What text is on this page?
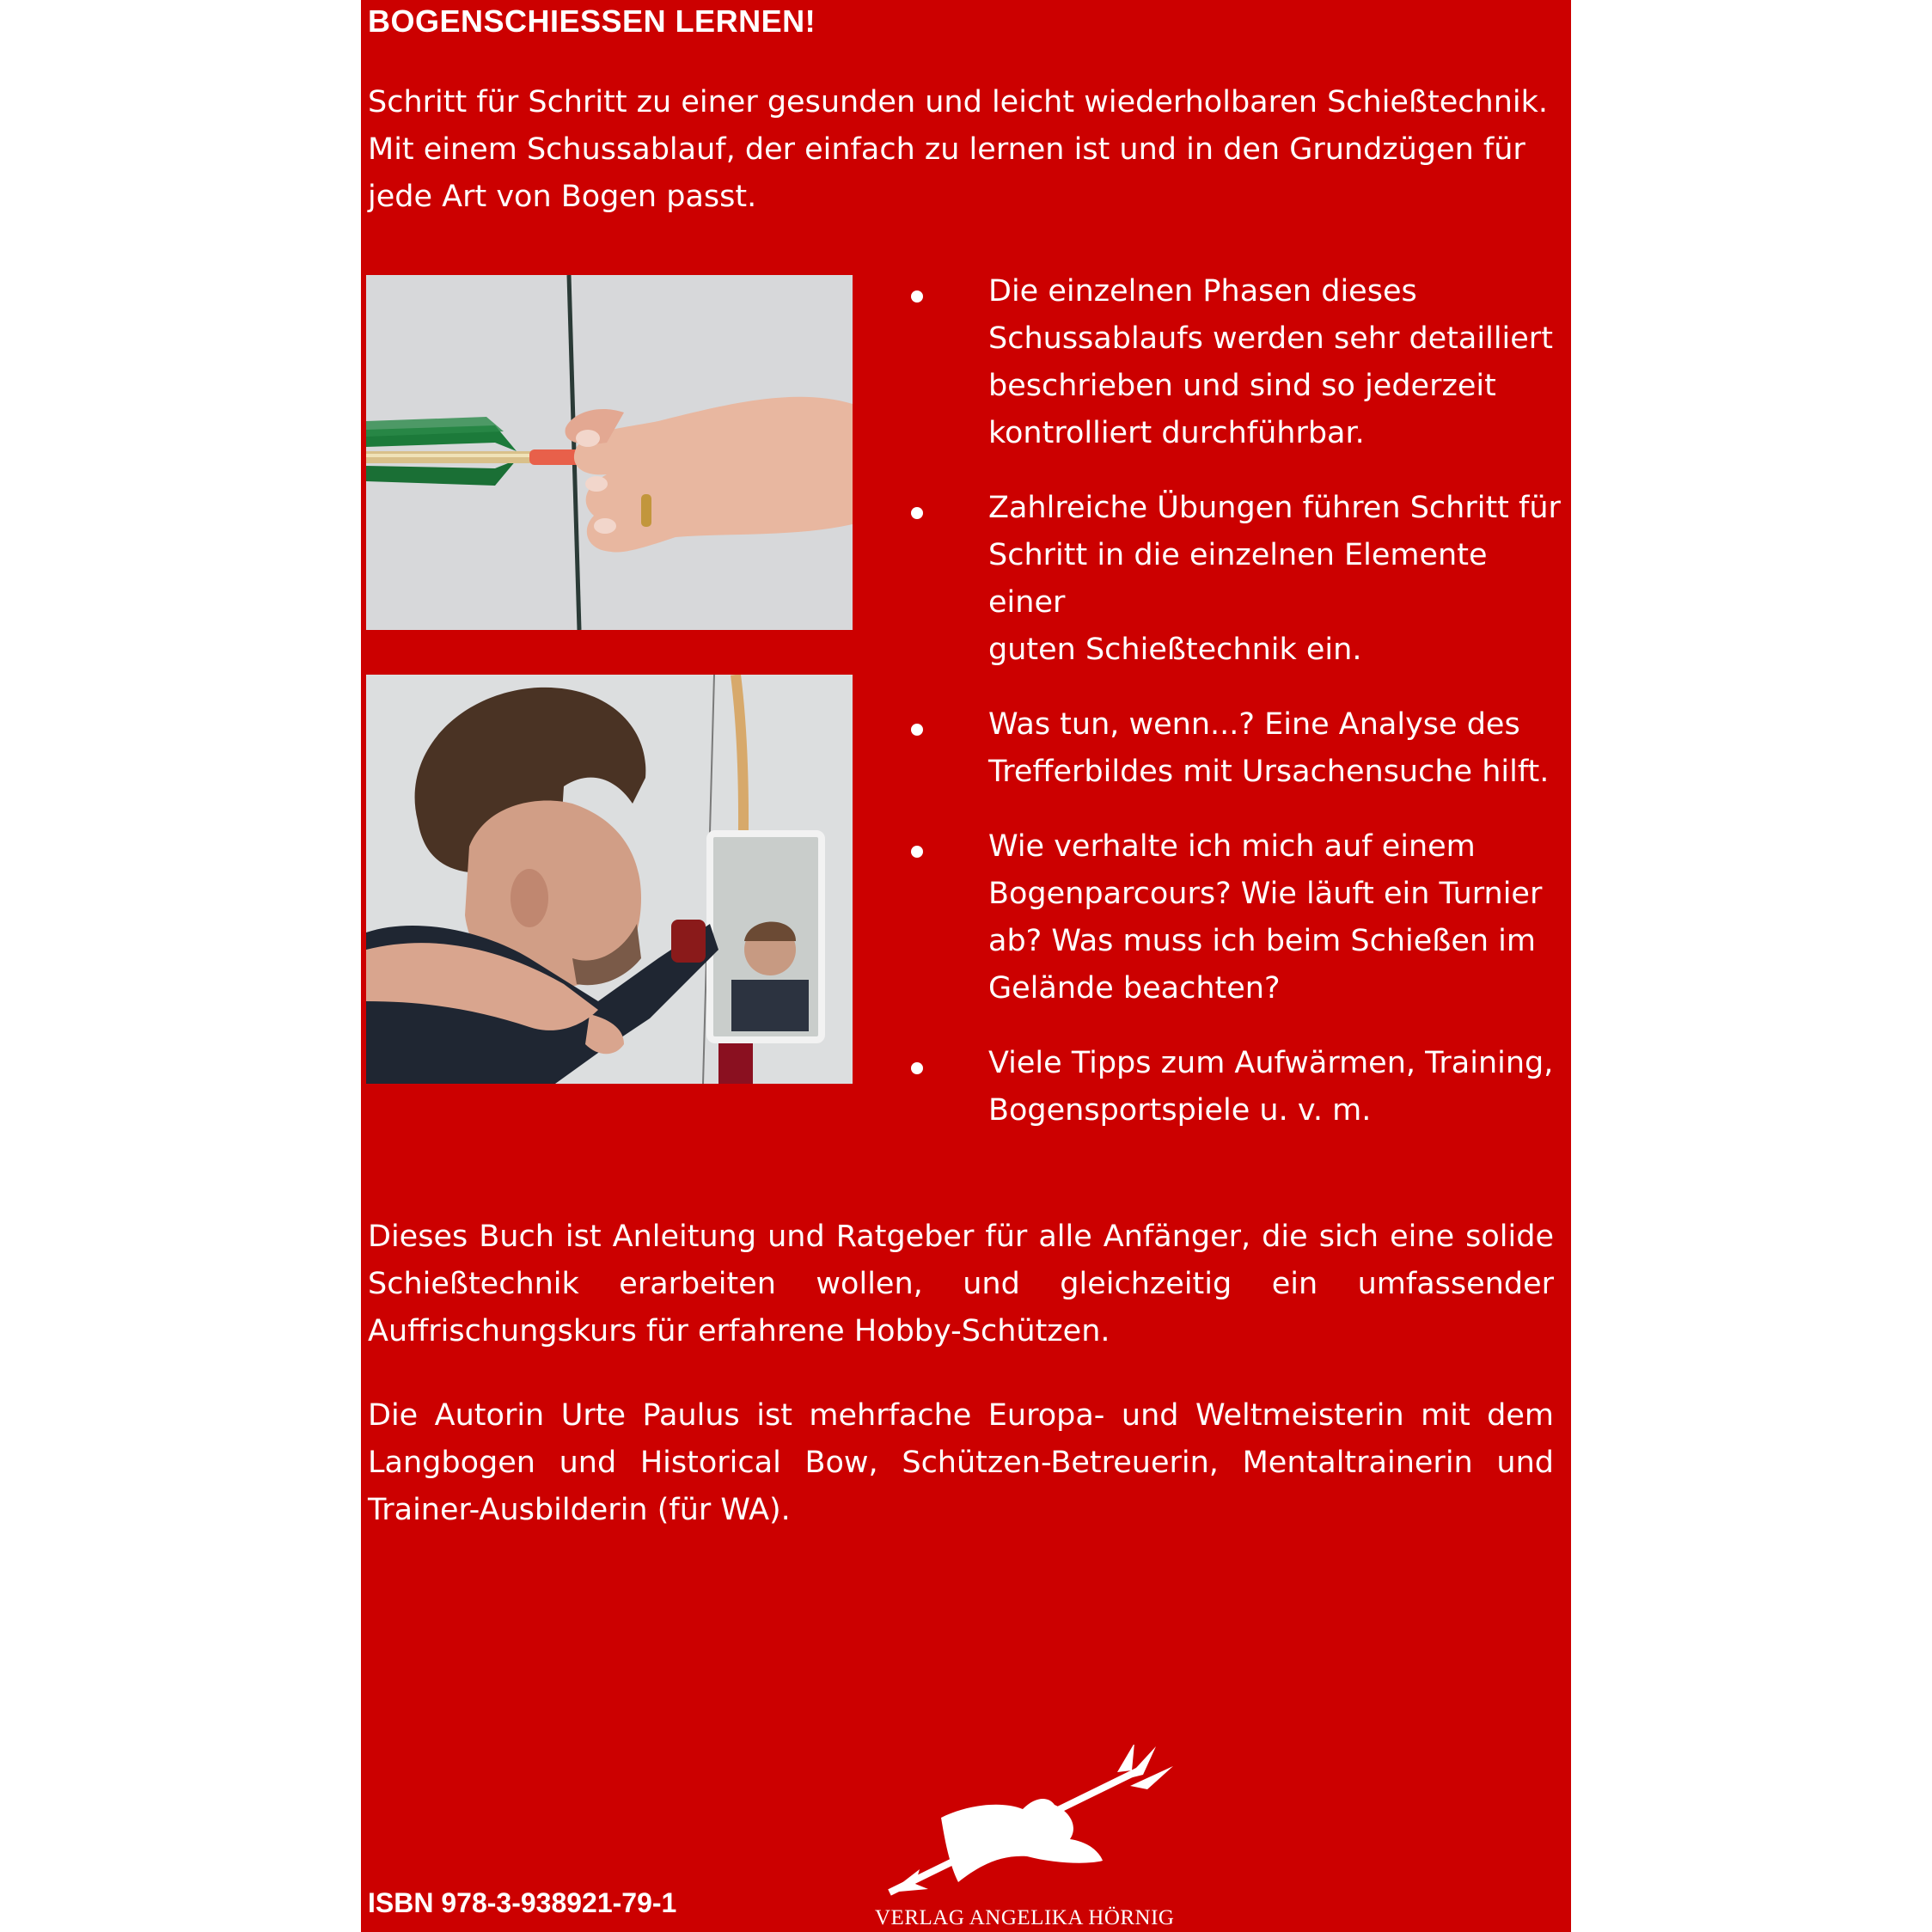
BOGENSCHIESSEN LERNEN!

Schritt für Schritt zu einer gesunden und leicht wiederholbaren Schießtechnik.
Mit einem Schussablauf, der einfach zu lernen ist und in den Grundzügen für
jede Art von Bogen passt.

Die einzelnen Phasen dieses
Schussablaufs werden sehr detailliert
beschrieben und sind so jederzeit
kontrolliert durchführbar.
Zahlreiche Übungen führen Schritt für
Schritt in die einzelnen Elemente einer
guten Schießtechnik ein.
Was tun, wenn...? Eine Analyse des
Trefferbildes mit Ursachensuche hilft.
Wie verhalte ich mich auf einem
Bogenparcours? Wie läuft ein Turnier
ab? Was muss ich beim Schießen im
Gelände beachten?
Viele Tipps zum Aufwärmen, Training,
Bogensportspiele u. v. m.

Dieses Buch ist Anleitung und Ratgeber für alle Anfänger, die sich eine solide Schießtechnik erarbeiten wollen, und gleichzeitig ein umfassender Auffrischungskurs für erfahrene Hobby-Schützen.

Die Autorin Urte Paulus ist mehrfache Europa- und Weltmeisterin mit dem Langbogen und Historical Bow, Schützen-Betreuerin, Mentaltrainerin und Trainer-Ausbilderin (für WA).

ISBN 978-3-938921-79-1	VERLAG ANGELIKA HÖRNIG
